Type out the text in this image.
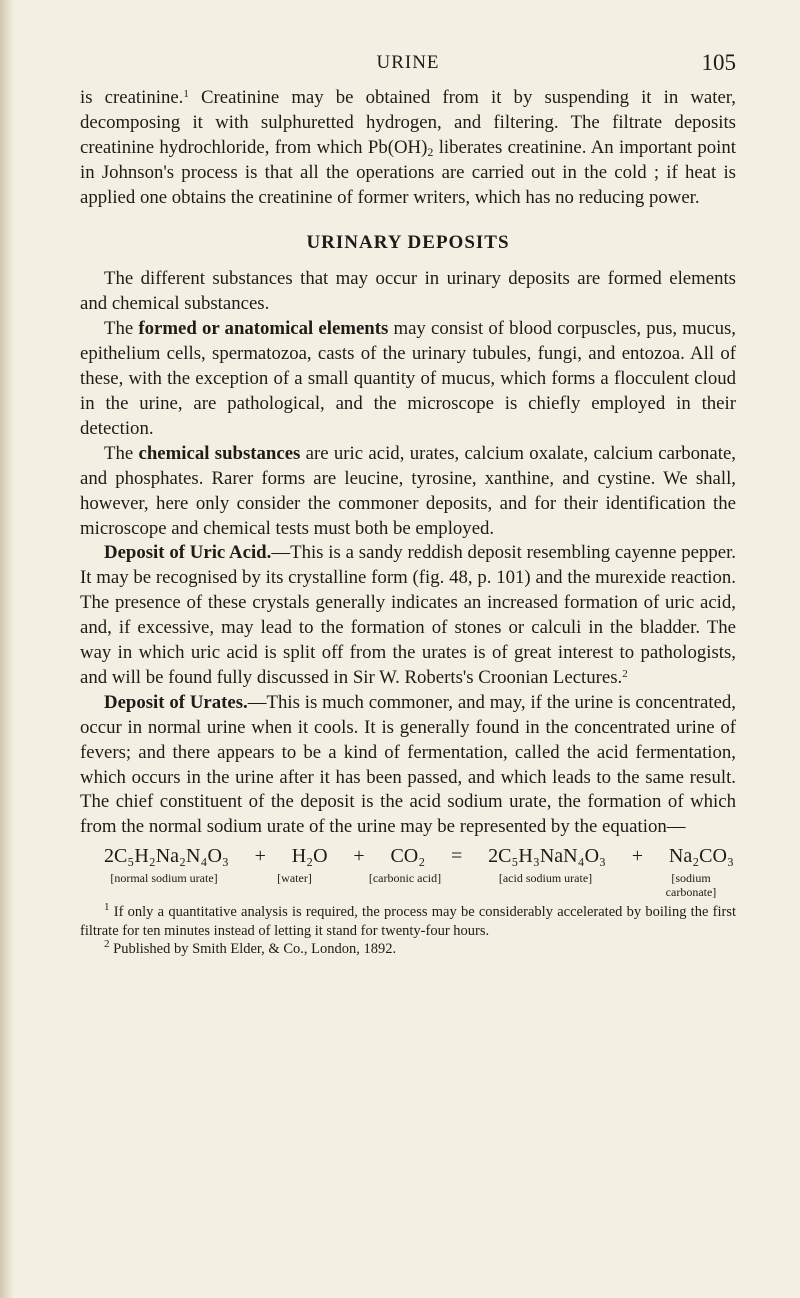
URINE	105

is creatinine.$^1$ Creatinine may be obtained from it by suspending it in water, decomposing it with sulphuretted hydrogen, and filtering. The filtrate deposits creatinine hydrochloride, from which $Pb(OH)_2$ liberates creatinine. An important point in Johnson's process is that all the operations are carried out in the cold ; if heat is applied one obtains the creatinine of former writers, which has no reducing power.

URINARY DEPOSITS

The different substances that may occur in urinary deposits are formed elements and chemical substances.

The formed or anatomical elements may consist of blood corpuscles, pus, mucus, epithelium cells, spermatozoa, casts of the urinary tubules, fungi, and entozoa. All of these, with the exception of a small quantity of mucus, which forms a flocculent cloud in the urine, are pathological, and the microscope is chiefly employed in their detection.

The chemical substances are uric acid, urates, calcium oxalate, calcium carbonate, and phosphates. Rarer forms are leucine, tyrosine, xanthine, and cystine. We shall, however, here only consider the commoner deposits, and for their identification the microscope and chemical tests must both be employed.

Deposit of Uric Acid.—This is a sandy reddish deposit resembling cayenne pepper. It may be recognised by its crystalline form (fig. 48, p. 101) and the murexide reaction. The presence of these crystals generally indicates an increased formation of uric acid, and, if excessive, may lead to the formation of stones or calculi in the bladder. The way in which uric acid is split off from the urates is of great interest to pathologists, and will be found fully discussed in Sir W. Roberts's Croonian Lectures.$^2$

Deposit of Urates.—This is much commoner, and may, if the urine is concentrated, occur in normal urine when it cools. It is generally found in the concentrated urine of fevers; and there appears to be a kind of fermentation, called the acid fermentation, which occurs in the urine after it has been passed, and which leads to the same result. The chief constituent of the deposit is the acid sodium urate, the formation of which from the normal sodium urate of the urine may be represented by the equation—

2C₅H₂Na₂N₄O₃ + H₂O + CO₂ = 2C₅H₃NaN₄O₃ + Na₂CO₃
[normal sodium urate]	[water]	[carbonic acid]	[acid sodium urate]	[sodium carbonate]

$^1$ If only a quantitative analysis is required, the process may be considerably accelerated by boiling the first filtrate for ten minutes instead of letting it stand for twenty-four hours.

$^2$ Published by Smith Elder, & Co., London, 1892.
